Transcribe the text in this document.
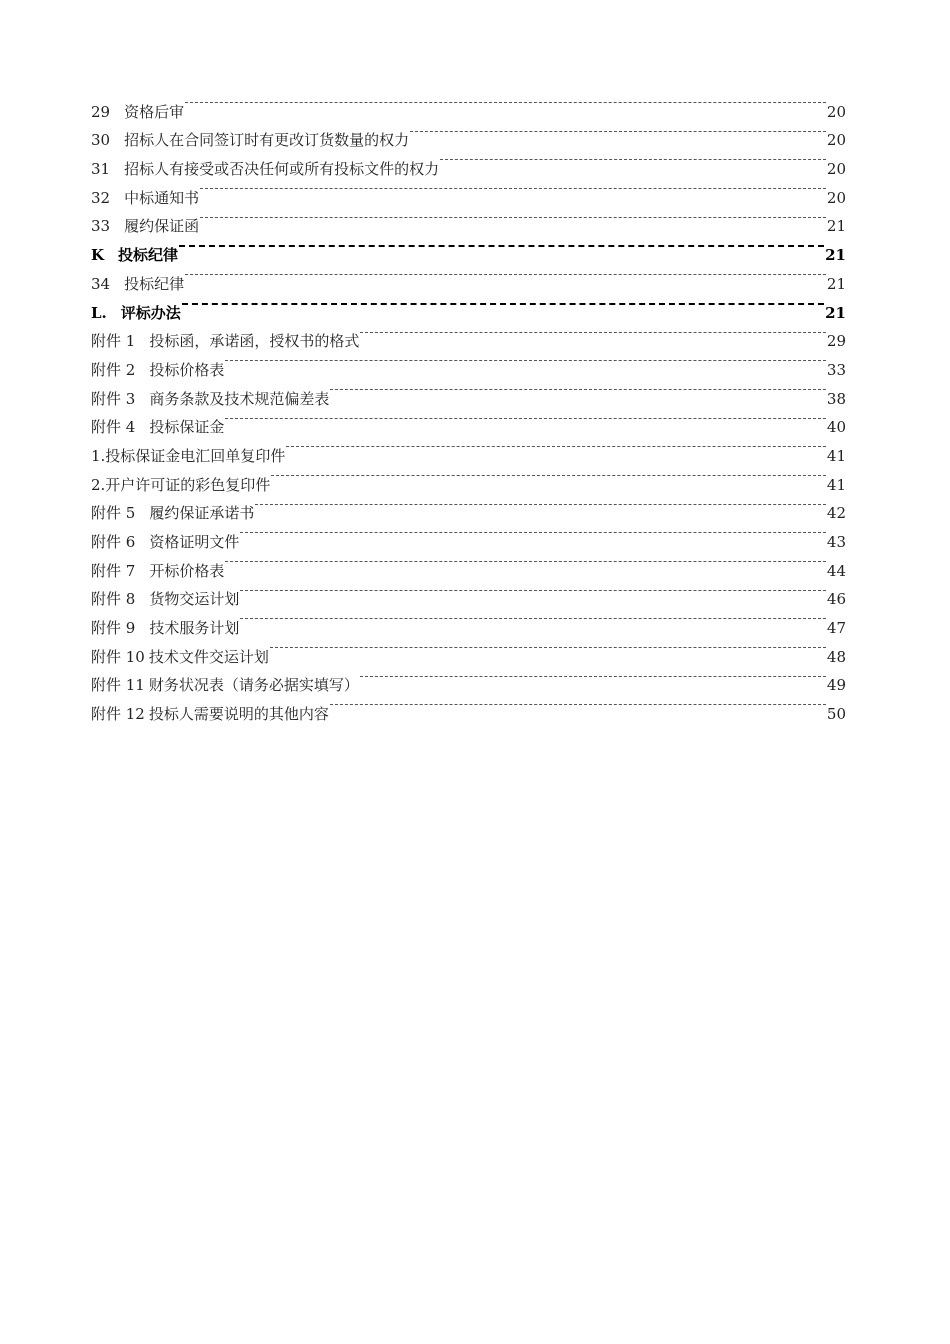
29 资格后审	20
30 招标人在合同签订时有更改订货数量的权力	20
31 招标人有接受或否决任何或所有投标文件的权力	20
32 中标通知书	20
33 履约保证函	21
K 投标纪律	21
34 投标纪律	21
L. 评标办法	21
附件 1 投标函，承诺函，授权书的格式	29
附件 2 投标价格表	33
附件 3 商务条款及技术规范偏差表	38
附件 4 投标保证金	40
1.投标保证金电汇回单复印件	41
2.开户许可证的彩色复印件	41
附件 5 履约保证承诺书	42
附件 6 资格证明文件	43
附件 7 开标价格表	44
附件 8 货物交运计划	46
附件 9 技术服务计划	47
附件 10 技术文件交运计划	48
附件 11 财务状况表（请务必据实填写）	49
附件 12 投标人需要说明的其他内容	50
